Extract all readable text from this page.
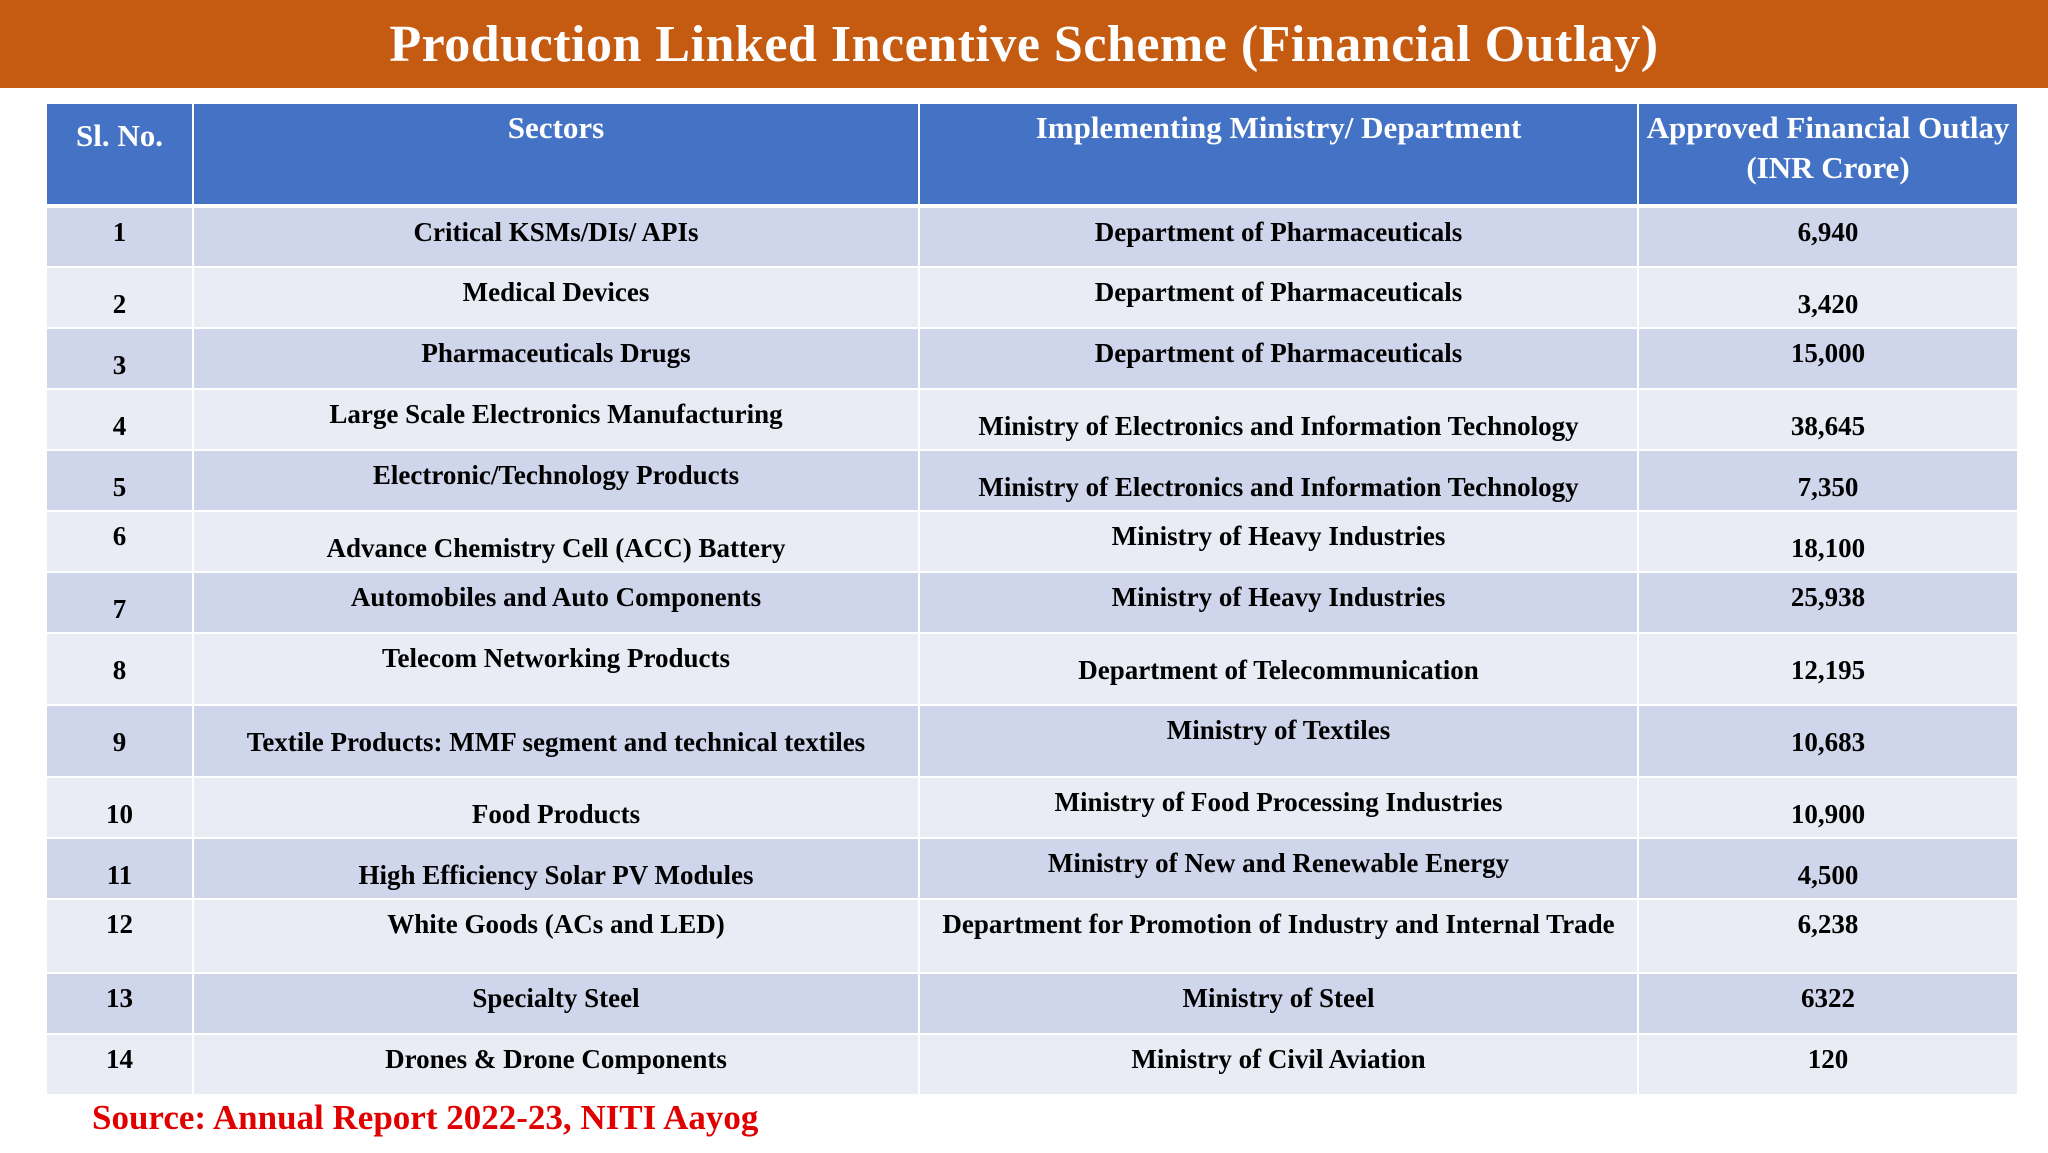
Production Linked Incentive Scheme (Financial Outlay)
Sl. No.	Sectors	Implementing Ministry/ Department	Approved Financial Outlay (INR Crore)

1	Critical KSMs/DIs/ APIs	Department of Pharmaceuticals	6,940

2	Medical Devices	Department of Pharmaceuticals	3,420

3	Pharmaceuticals Drugs	Department of Pharmaceuticals	15,000

4	Large Scale Electronics Manufacturing	Ministry of Electronics and Information Technology	38,645

5	Electronic/Technology Products	Ministry of Electronics and Information Technology	7,350

6	Advance Chemistry Cell (ACC) Battery	Ministry of Heavy Industries	18,100

7	Automobiles and Auto Components	Ministry of Heavy Industries	25,938

8	Telecom Networking Products	Department of Telecommunication	12,195

9	Textile Products: MMF segment and technical textiles	Ministry of Textiles	10,683

10	Food Products	Ministry of Food Processing Industries	10,900

11	High Efficiency Solar PV Modules	Ministry of New and Renewable Energy	4,500

12	White Goods (ACs and LED)	Department for Promotion of Industry and Internal Trade	6,238

13	Specialty Steel	Ministry of Steel	6322

14	Drones & Drone Components	Ministry of Civil Aviation	120
Source: Annual Report 2022-23, NITI Aayog
